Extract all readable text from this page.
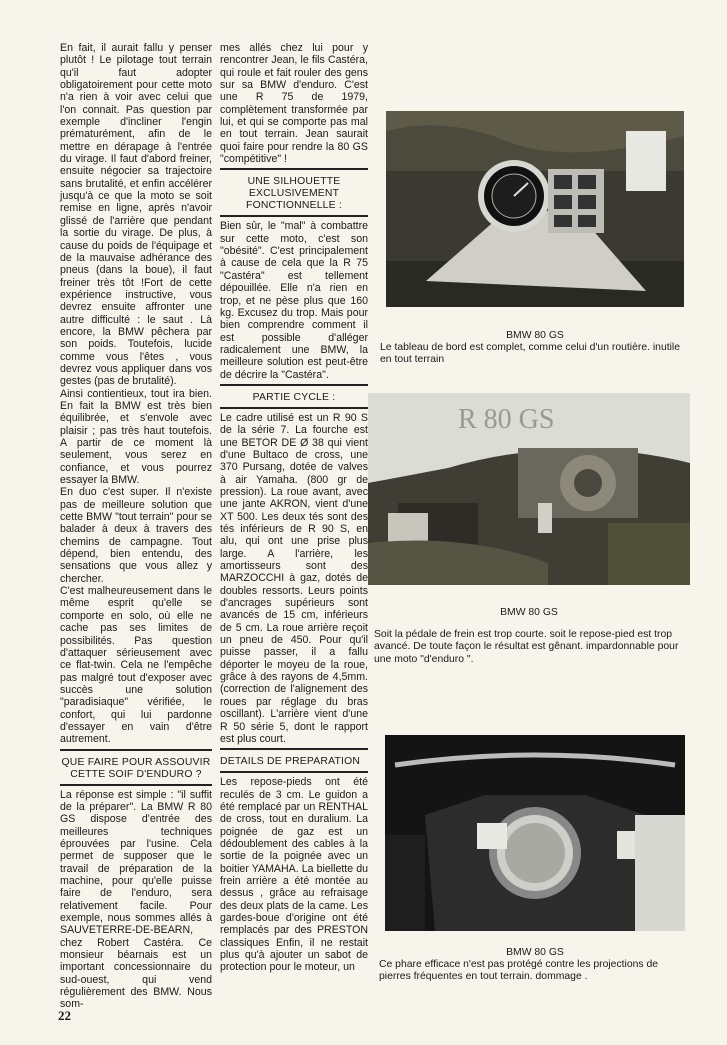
En fait, il aurait fallu y penser plutôt ! Le pilotage tout terrain qu'il faut adopter obligatoirement pour cette moto n'a rien à voir avec celui que l'on connait. Pas question par exemple d'incliner l'engin prématurément, afin de le mettre en dérapage à l'entrée du virage. Il faut d'abord freiner, ensuite négocier sa trajectoire sans brutalité, et enfin accélérer jusqu'à ce que la moto se soit remise en ligne, après n'avoir glissé de l'arrière que pendant la sortie du virage. De plus, à cause du poids de l'équipage et de la mauvaise adhérance des pneus (dans la boue), il faut freiner très tôt !Fort de cette expérience instructive, vous devrez ensuite affronter une autre difficulté : le saut . Là encore, la BMW pêchera par son poids. Toutefois, lucide comme vous l'êtes , vous devrez vous appliquer dans vos gestes (pas de brutalité).

Ainsi contientieux, tout ira bien. En fait la BMW est très bien équilibrée, et s'envole avec plaisir ; pas très haut toutefois. A partir de ce moment là seulement, vous serez en confiance, et vous pourrez essayer la BMW.

En duo c'est super. Il n'existe pas de meilleure solution que cette BMW "tout terrain" pour se balader à deux à travers des chemins de campagne. Tout dépend, bien entendu, des sensations que vous allez y chercher.

C'est malheureusement dans le même esprit qu'elle se comporte en solo, où elle ne cache pas ses limites de possibilités. Pas question d'attaquer sérieusement avec ce flat-twin. Cela ne l'empêche pas malgré tout d'exposer avec succès une solution "paradisiaque" vérifiée, le confort, qui lui pardonne d'essayer en vain d'être autrement.

QUE FAIRE POUR ASSOUVIR CETTE SOIF D'ENDURO ?

La réponse est simple : "il suffit de la préparer". La BMW R 80 GS dispose d'entrée des meilleures techniques éprouvées par l'usine. Cela permet de supposer que le travail de préparation de la machine, pour qu'elle puisse faire de l'enduro, sera relativement facile. Pour exemple, nous sommes allés à SAUVETERRE-DE-BEARN, chez Robert Castéra. Ce monsieur béarnais est un important concessionnaire du sud-ouest, qui vend régulièrement des BMW. Nous som-

mes allés chez lui pour y rencontrer Jean, le fils Castéra, qui roule et fait rouler des gens sur sa BMW d'enduro. C'est une R 75 de 1979, complètement transformée par lui, et qui se comporte pas mal en tout terrain. Jean saurait quoi faire pour rendre la 80 GS "compétitive" !

UNE SILHOUETTE EXCLUSIVEMENT FONCTIONNELLE :

Bien sûr, le "mal" à combattre sur cette moto, c'est son "obésité". C'est principalement à cause de cela que la R 75 "Castéra" est tellement dépouillée. Elle n'a rien en trop, et ne pèse plus que 160 kg. Excusez du trop. Mais pour bien comprendre comment il est possible d'alléger radicalement une BMW, la meilleure solution est peut-être de décrire la "Castéra".

PARTIE CYCLE :

Le cadre utilisé est un R 90 S de la série 7. La fourche est une BETOR DE Ø 38 qui vient d'une Bultaco de cross, une 370 Pursang, dotée de valves à air Yamaha. (800 gr de pression). La roue avant, avec une jante AKRON, vient d'une XT 500. Les deux tés sont des tés inférieurs de R 90 S, en alu, qui ont une prise plus large. A l'arrière, les amortisseurs sont des MARZOCCHI à gaz, dotés de doubles ressorts. Leurs points d'ancrages supérieurs sont avancés de 15 cm, inférieurs de 5 cm. La roue arrière reçoit un pneu de 450. Pour qu'il puisse passer, il a fallu déporter le moyeu de la roue, grâce à des rayons de 4,5mm. (correction de l'alignement des roues par réglage du bras oscillant). L'arrière vient d'une R 50 série 5, dont le rapport est plus court.

DETAILS DE PREPARATION

Les repose-pieds ont été reculés de 3 cm. Le guidon a été remplacé par un RENTHAL de cross, tout en duralium. La poignée de gaz est un dédoublement des cables à la sortie de la poignée avec un boitier YAMAHA. La biellette du frein arrière a été montée au dessus , grâce au refraisage des deux plats de la came. Les gardes-boue d'origine ont été remplacés par des PRESTON classiques Enfin, il ne restait plus qu'à ajouter un sabot de protection pour le moteur, un

BMW 80 GS
Le tableau de bord est complet, comme celui d'un routière. inutile en tout terrain
R 80 GS
BMW 80 GS
Soit la pédale de frein est trop courte. soit le repose-pied est trop avancé. De toute façon le résultat est gênant. impardonnable pour une moto "d'enduro ".
BMW 80 GS
Ce phare efficace n'est pas protégé contre les projections de pierres fréquentes en tout terrain. dommage .
22
